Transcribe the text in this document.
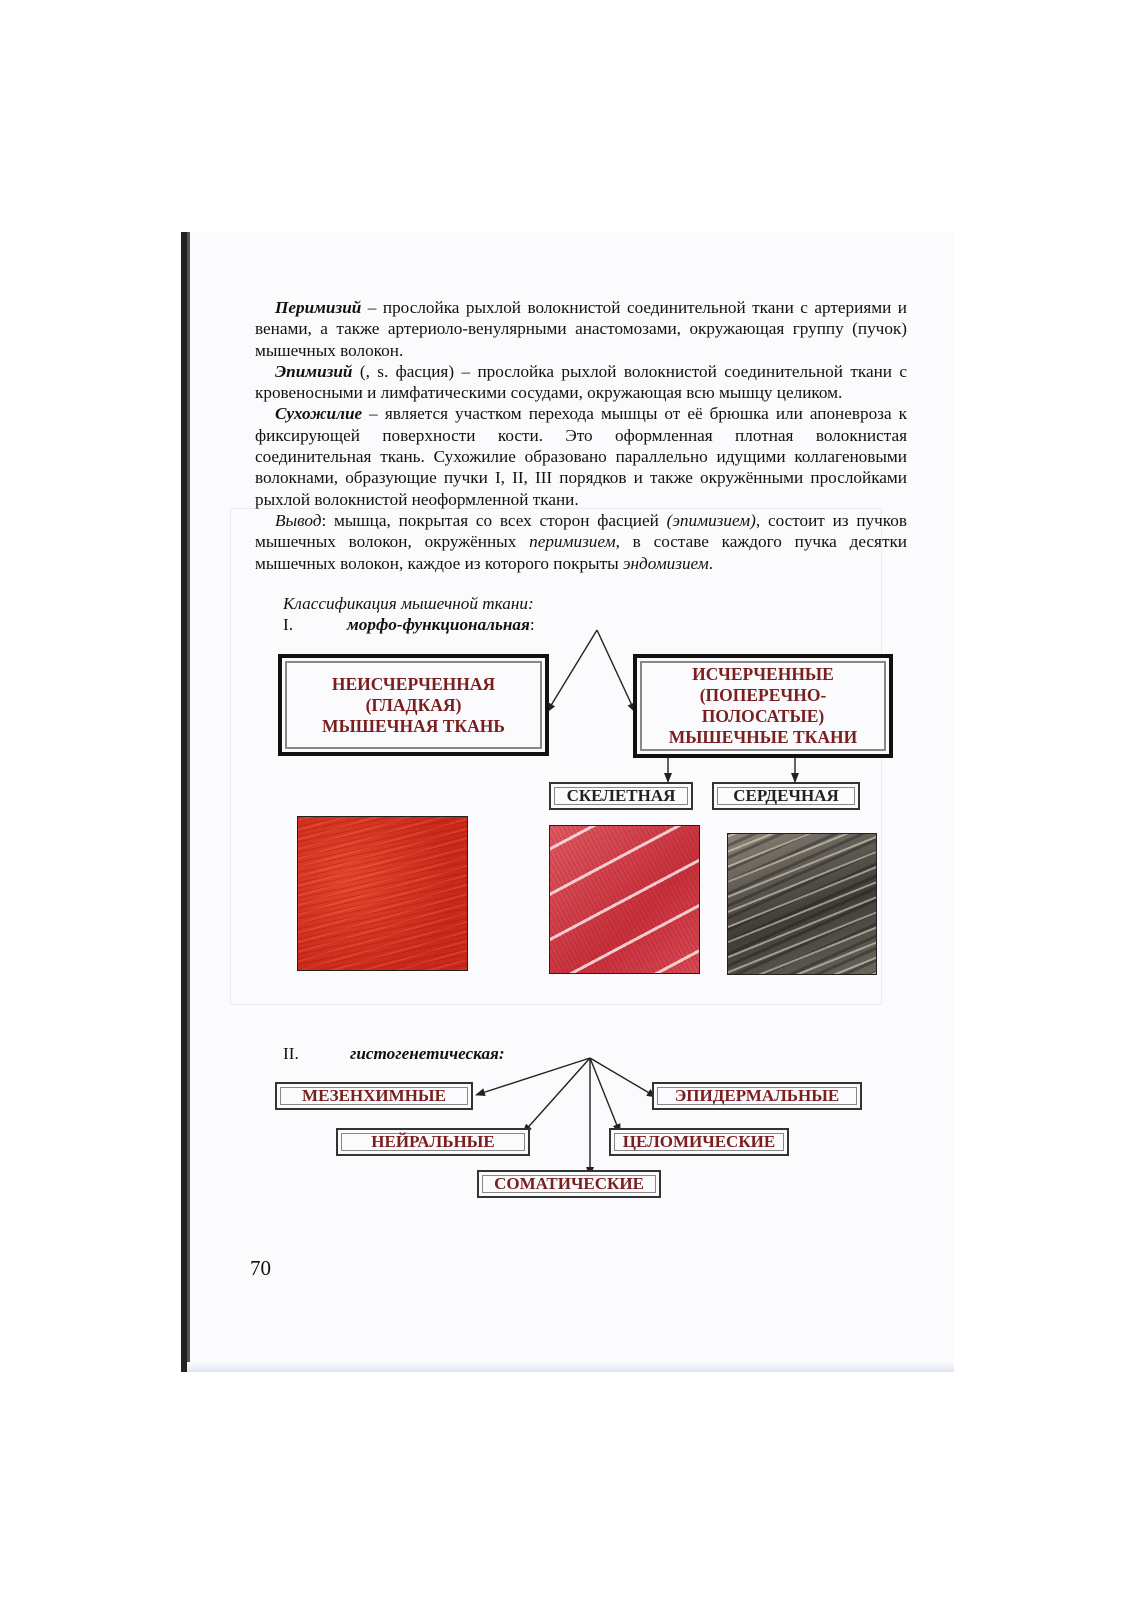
Перимизий – прослойка рыхлой волокнистой соединительной ткани с артериями и венами, а также артериоло-венулярными анастомозами, окружающая группу (пучок) мышечных волокон.

Эпимизий (, s. фасция) – прослойка рыхлой волокнистой соединительной ткани с кровеносными и лимфатическими сосудами, окружающая всю мышцу целиком.

Сухожилие – является участком перехода мышцы от её брюшка или апоневроза к фиксирующей поверхности кости. Это оформленная плотная волокнистая соединительная ткань. Сухожилие образовано параллельно идущими коллагеновыми волокнами, образующие пучки I, II, III порядков и также окружёнными прослойками рыхлой волокнистой неоформленной ткани.

Вывод: мышца, покрытая со всех сторон фасцией (эпимизием), состоит из пучков мышечных волокон, окружённых перимизием, в составе каждого пучка десятки мышечных волокон, каждое из которого покрыты эндомизием.

Классификация мышечной ткани:
I.	морфо-функциональная:
НЕИСЧЕРЧЕННАЯ
(ГЛАДКАЯ)
МЫШЕЧНАЯ ТКАНЬ
ИСЧЕРЧЕННЫЕ
(ПОПЕРЕЧНО-
ПОЛОСАТЫЕ)
МЫШЕЧНЫЕ ТКАНИ
СКЕЛЕТНАЯ	СЕРДЕЧНАЯ
II.	гистогенетическая:
МЕЗЕНХИМНЫЕ	ЭПИДЕРМАЛЬНЫЕ
НЕЙРАЛЬНЫЕ	ЦЕЛОМИЧЕСКИЕ
СОМАТИЧЕСКИЕ
70
